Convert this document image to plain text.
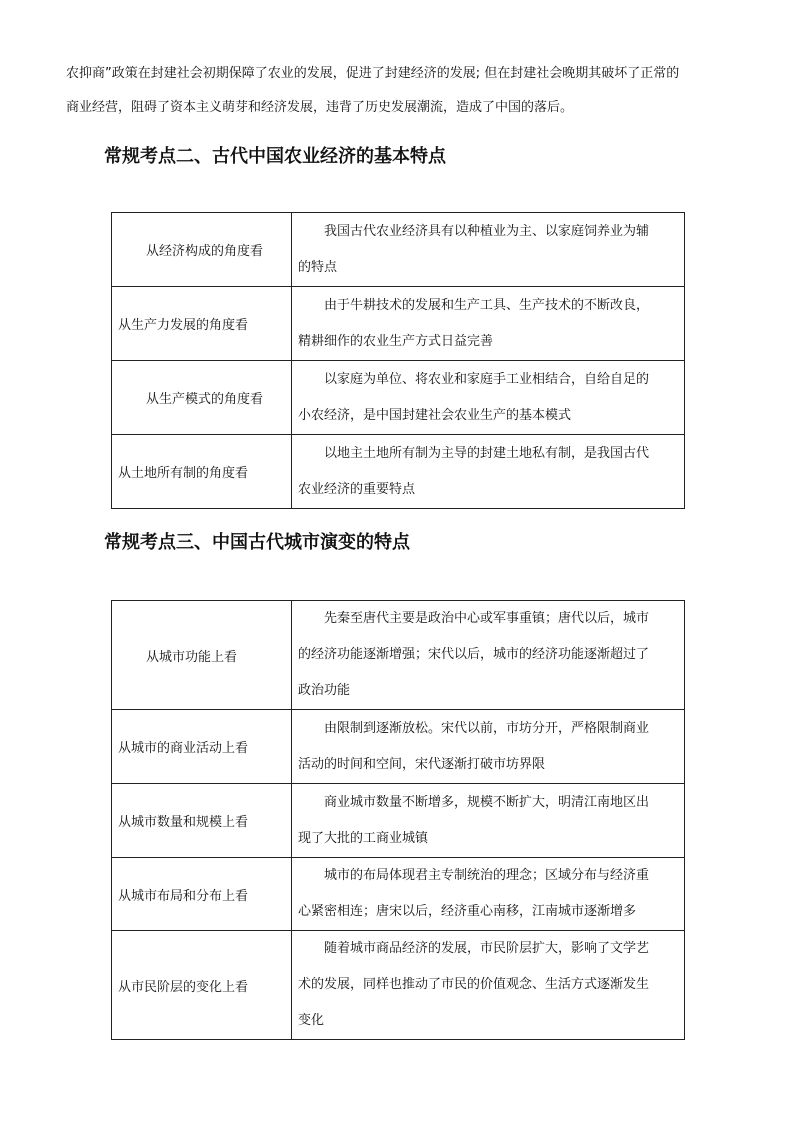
农抑商”政策在封建社会初期保障了农业的发展，促进了封建经济的发展; 但在封建社会晚期其破坏了正常的
商业经营，阻碍了资本主义萌芽和经济发展，违背了历史发展潮流，造成了中国的落后。

常规考点二、古代中国农业经济的基本特点
从经济构成的角度看	我国古代农业经济具有以种植业为主、以家庭饲养业为辅
的特点

从生产力发展的角度看	由于牛耕技术的发展和生产工具、生产技术的不断改良，
精耕细作的农业生产方式日益完善

从生产模式的角度看	以家庭为单位、将农业和家庭手工业相结合，自给自足的
小农经济，是中国封建社会农业生产的基本模式

从土地所有制的角度看	以地主土地所有制为主导的封建土地私有制，是我国古代
农业经济的重要特点
常规考点三、中国古代城市演变的特点
从城市功能上看	先秦至唐代主要是政治中心或军事重镇；唐代以后，城市
的经济功能逐渐增强；宋代以后，城市的经济功能逐渐超过了
政治功能

从城市的商业活动上看	由限制到逐渐放松。宋代以前，市坊分开，严格限制商业
活动的时间和空间，宋代逐渐打破市坊界限

从城市数量和规模上看	商业城市数量不断增多，规模不断扩大，明清江南地区出
现了大批的工商业城镇

从城市布局和分布上看	城市的布局体现君主专制统治的理念；区域分布与经济重
心紧密相连；唐宋以后，经济重心南移，江南城市逐渐增多

从市民阶层的变化上看	随着城市商品经济的发展，市民阶层扩大，影响了文学艺
术的发展，同样也推动了市民的价值观念、生活方式逐渐发生
变化
